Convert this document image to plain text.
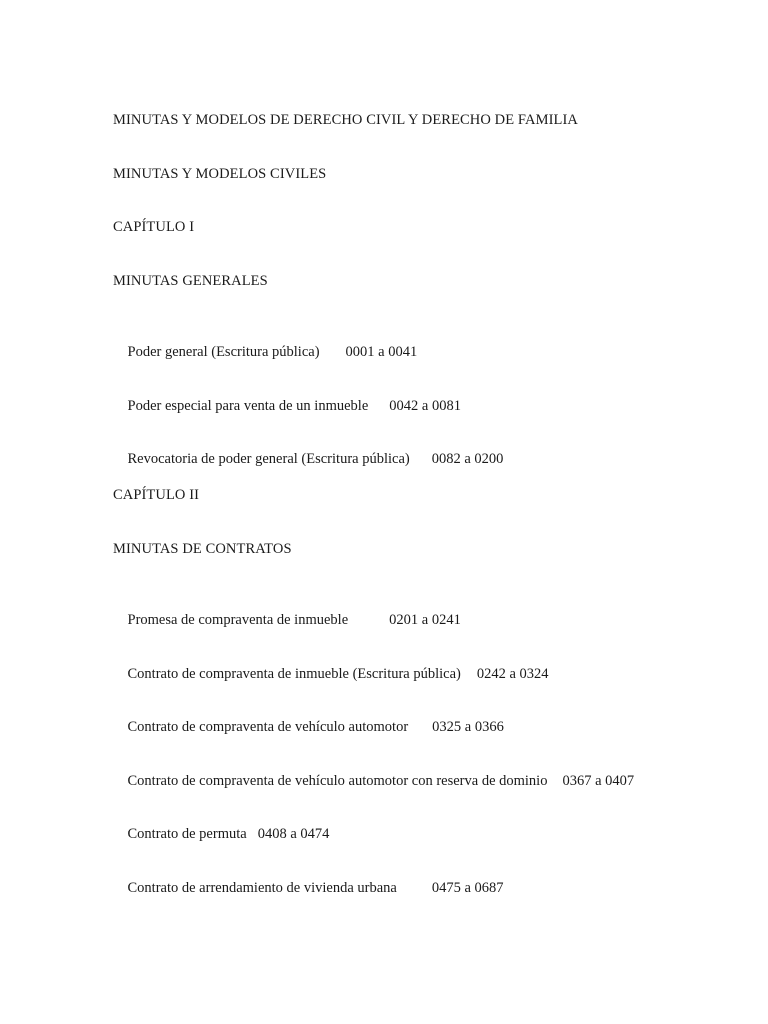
MINUTAS Y MODELOS DE DERECHO CIVIL Y DERECHO DE FAMILIA
MINUTAS Y MODELOS CIVILES
CAPÍTULO I
MINUTAS GENERALES

Poder general (Escritura pública) 0001 a 0041

Poder especial para venta de un inmueble 0042 a 0081

Revocatoria de poder general (Escritura pública) 0082 a 0200

CAPÍTULO II
MINUTAS DE CONTRATOS

Promesa de compraventa de inmueble	0201 a 0241

Contrato de compraventa de inmueble (Escritura pública) 0242 a 0324

Contrato de compraventa de vehículo automotor 0325 a 0366

Contrato de compraventa de vehículo automotor con reserva de dominio 0367 a 0407

Contrato de permuta 0408 a 0474

Contrato de arrendamiento de vivienda urbana 0475 a 0687
